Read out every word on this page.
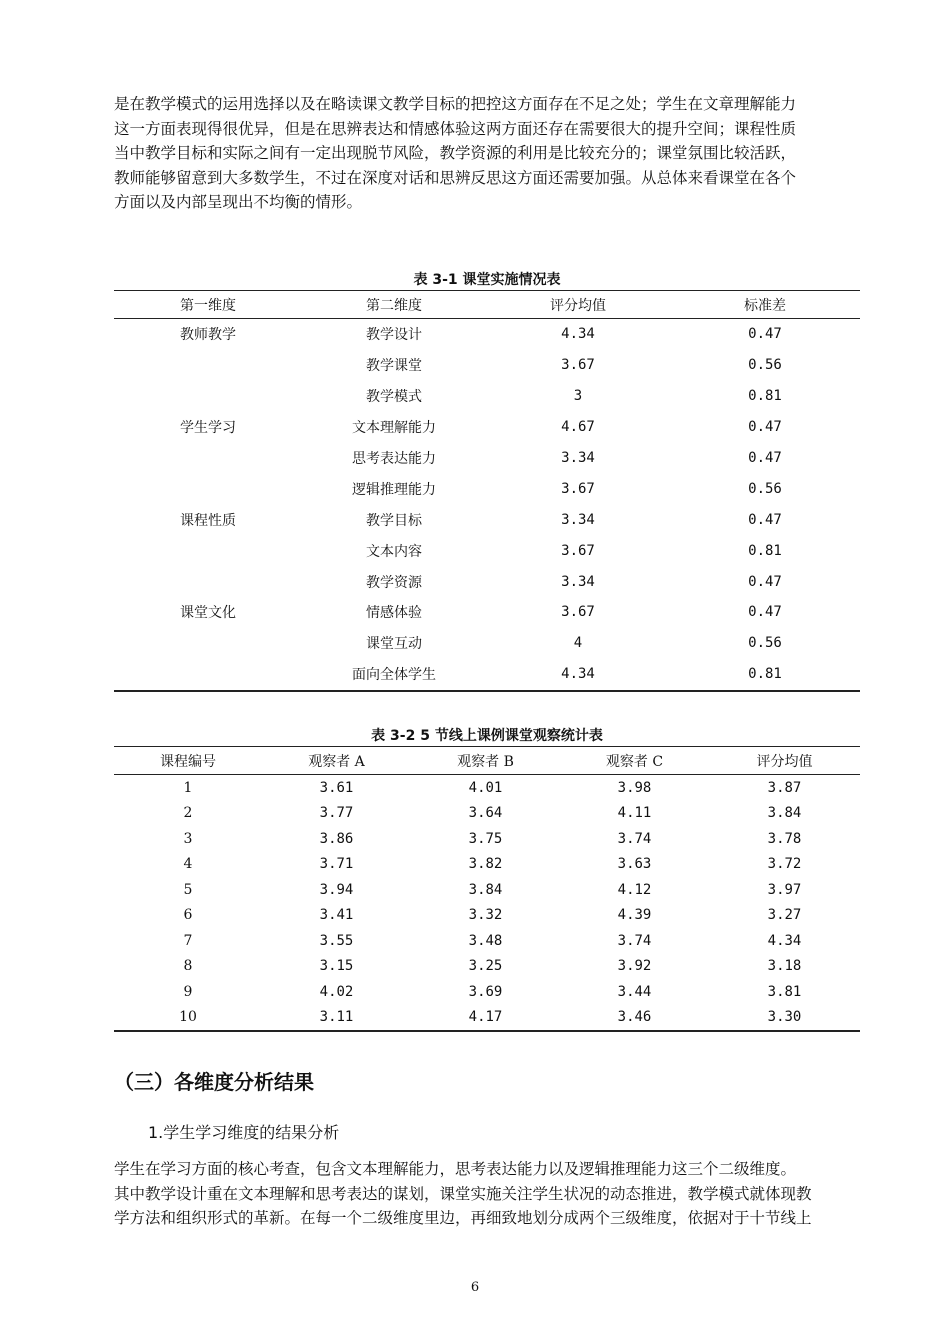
是在教学模式的运用选择以及在略读课文教学目标的把控这方面存在不足之处；学生在文章理解能力
这一方面表现得很优异，但是在思辨表达和情感体验这两方面还存在需要很大的提升空间；课程性质
当中教学目标和实际之间有一定出现脱节风险，教学资源的利用是比较充分的；课堂氛围比较活跃，
教师能够留意到大多数学生，不过在深度对话和思辨反思这方面还需要加强。从总体来看课堂在各个
方面以及内部呈现出不均衡的情形。

表 3-1 课堂实施情况表
第一维度	第二维度	评分均值	标准差
教师教学	教学设计	4.34	0.47
	教学课堂	3.67	0.56
	教学模式	3	0.81
学生学习	文本理解能力	4.67	0.47
	思考表达能力	3.34	0.47
	逻辑推理能力	3.67	0.56
课程性质	教学目标	3.34	0.47
	文本内容	3.67	0.81
	教学资源	3.34	0.47
课堂文化	情感体验	3.67	0.47
	课堂互动	4	0.56
	面向全体学生	4.34	0.81
表 3-2 5 节线上课例课堂观察统计表
课程编号	观察者 A	观察者 B	观察者 C	评分均值
1	3.61	4.01	3.98	3.87
2	3.77	3.64	4.11	3.84
3	3.86	3.75	3.74	3.78
4	3.71	3.82	3.63	3.72
5	3.94	3.84	4.12	3.97
6	3.41	3.32	4.39	3.27
7	3.55	3.48	3.74	4.34
8	3.15	3.25	3.92	3.18
9	4.02	3.69	3.44	3.81
10	3.11	4.17	3.46	3.30
（三）各维度分析结果
1.学生学习维度的结果分析

学生在学习方面的核心考查，包含文本理解能力，思考表达能力以及逻辑推理能力这三个二级维度。
其中教学设计重在文本理解和思考表达的谋划，课堂实施关注学生状况的动态推进，教学模式就体现教
学方法和组织形式的革新。在每一个二级维度里边，再细致地划分成两个三级维度，依据对于十节线上

6
